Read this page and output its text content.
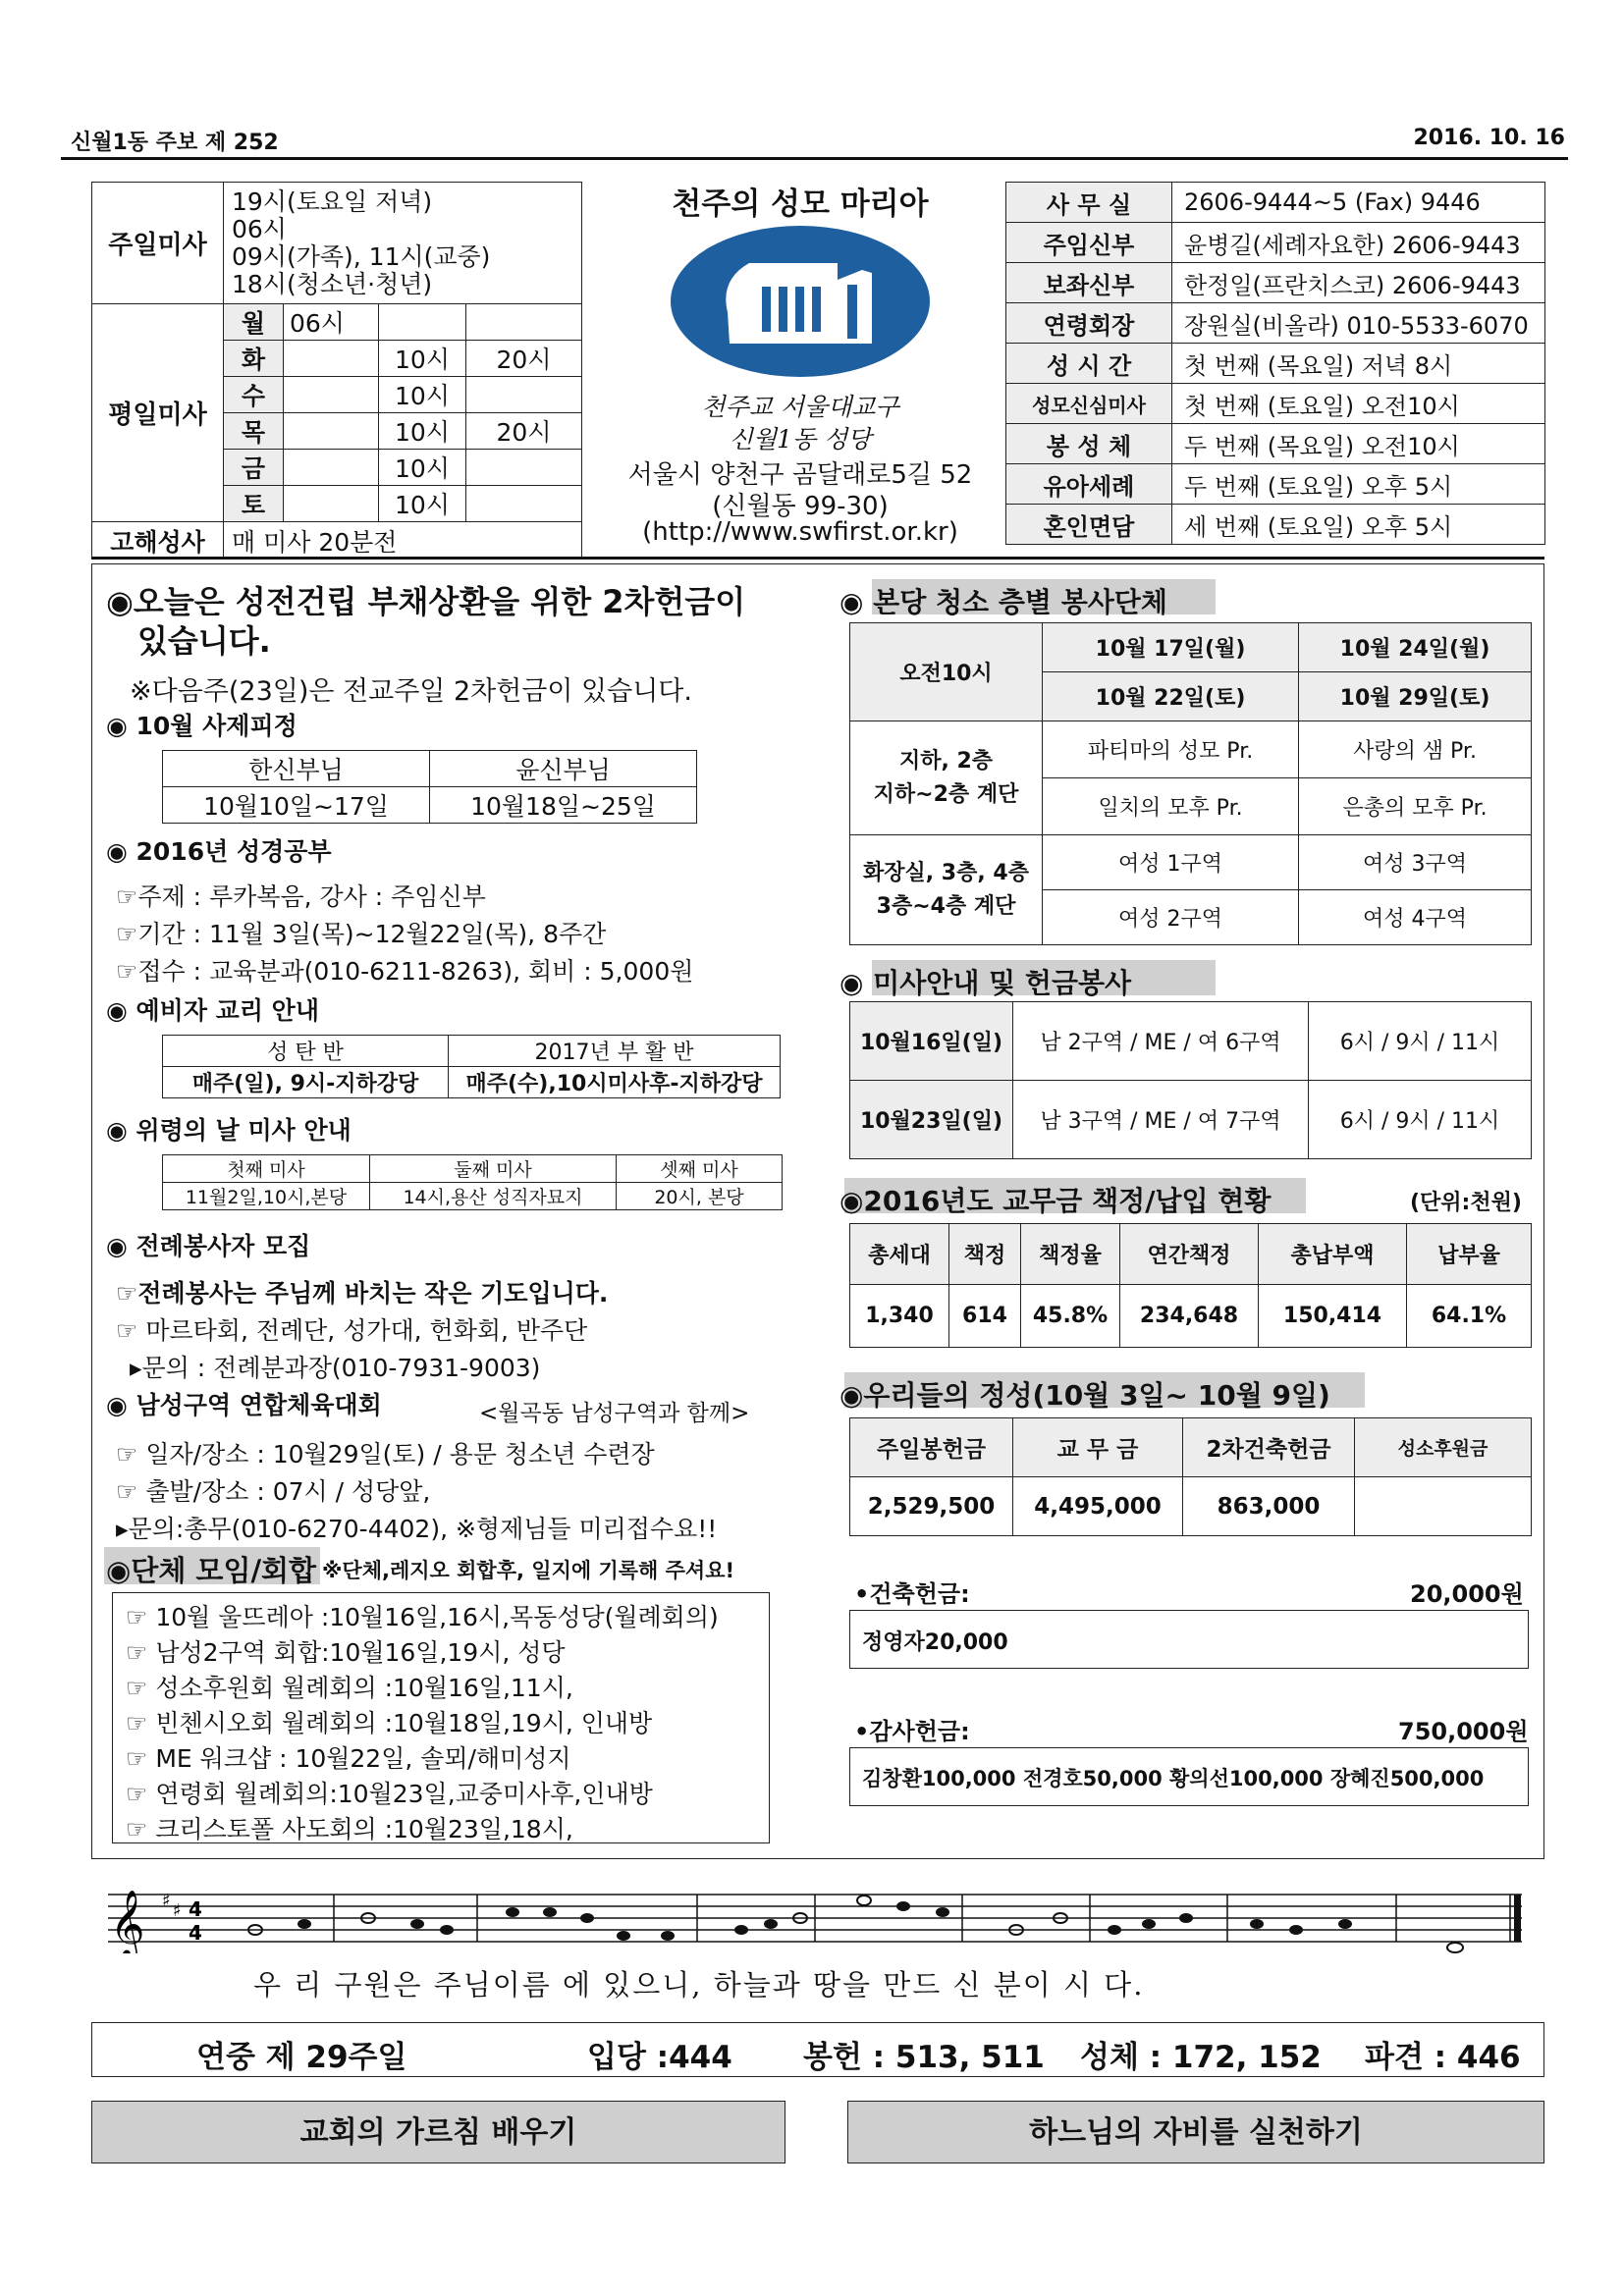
신월1동 주보 제 252	2016. 10. 16
주일미사	19시(토요일 저녁)
06시
09시(가족), 11시(교중)
18시(청소년·청년)			

평일미사	월	06시		
	화		10시	20시
	수		10시	
	목		10시	20시
	금		10시	
	토		10시	
고해성사	매 미사 20분전			
천주의 성모 마리아
천주교 서울대교구
신월1동 성당
서울시 양천구 곰달래로5길 52
(신월동 99-30)
(http://www.swfirst.or.kr)
사 무 실	2606-9444~5 (Fax) 9446
주임신부	윤병길(세례자요한) 2606-9443
보좌신부	한정일(프란치스코) 2606-9443
연령회장	장원실(비올라) 010-5533-6070
성 시 간	첫 번째 (목요일) 저녁 8시
성모신심미사	첫 번째 (토요일) 오전10시
봉 성 체	두 번째 (목요일) 오전10시
유아세례	두 번째 (토요일) 오후 5시
혼인면담	세 번째 (토요일) 오후 5시
◉오늘은 성전건립 부채상환을 위한 2차헌금이
있습니다.
※다음주(23일)은 전교주일 2차헌금이 있습니다.
◉ 10월 사제피정
한신부님	윤신부님
10월10일~17일	10월18일~25일
◉ 2016년 성경공부
☞주제 : 루카복음, 강사 : 주임신부
☞기간 : 11월 3일(목)~12월22일(목), 8주간
☞접수 : 교육분과(010-6211-8263), 회비 : 5,000원
◉ 예비자 교리 안내
성 탄 반	2017년 부 활 반
매주(일), 9시-지하강당	매주(수),10시미사후-지하강당
◉ 위령의 날 미사 안내
첫째 미사	둘째 미사	셋째 미사
11월2일,10시,본당	14시,용산 성직자묘지	20시, 본당
◉ 전례봉사자 모집
☞전례봉사는 주님께 바치는 작은 기도입니다.
☞ 마르타회, 전례단, 성가대, 헌화회, 반주단
▸문의 : 전례분과장(010-7931-9003)
◉ 남성구역 연합체육대회	<월곡동 남성구역과 함께>
☞ 일자/장소 : 10월29일(토) / 용문 청소년 수련장
☞ 출발/장소 : 07시 / 성당앞,
▸문의:총무(010-6270-4402), ※형제님들 미리접수요!!
◉단체 모임/회합 ※단체,레지오 회합후, 일지에 기록해 주셔요!
☞ 10월 울뜨레아 :10월16일,16시,목동성당(월례회의)
☞ 남성2구역 회합:10월16일,19시, 성당
☞ 성소후원회 월례회의 :10월16일,11시,
☞ 빈첸시오회 월례회의 :10월18일,19시, 인내방
☞ ME 워크샵 : 10월22일, 솔뫼/해미성지
☞ 연령회 월례회의:10월23일,교중미사후,인내방
☞ 크리스토폴 사도회의 :10월23일,18시,
◉ 본당 청소 층별 봉사단체
오전10시	10월 17일(월)	10월 24일(월)
	10월 22일(토)	10월 29일(토)

지하, 2층
지하~2층 계단	파티마의 성모 Pr.	사랑의 샘 Pr.
	일치의 모후 Pr.	은총의 모후 Pr.

화장실, 3층, 4층
3층~4층 계단	여성 1구역	여성 3구역
	여성 2구역	여성 4구역
◉ 미사안내 및 헌금봉사
10월16일(일)	남 2구역 / ME / 여 6구역	6시 / 9시 / 11시
10월23일(일)	남 3구역 / ME / 여 7구역	6시 / 9시 / 11시
◉2016년도 교무금 책정/납입 현황	(단위:천원)
총세대	책정	책정율	연간책정	총납부액	납부율
1,340	614	45.8%	234,648	150,414	64.1%
◉우리들의 정성(10월 3일~ 10월 9일)
주일봉헌금	교 무 금	2차건축헌금	성소후원금
2,529,500	4,495,000	863,000	
•건축헌금:	20,000원
정영자20,000
•감사헌금:	750,000원
김창환100,000 전경호50,000 황의선100,000 장혜진500,000
𝄞 ♯ ♯ 4
4
우 리 구원은 주님이름 에 있으니, 하늘과 땅을 만드 신 분이 시 다.
연중 제 29주일	입당 :444 봉헌 : 513, 511 성체 : 172, 152 파견 : 446
교회의 가르침 배우기	하느님의 자비를 실천하기
